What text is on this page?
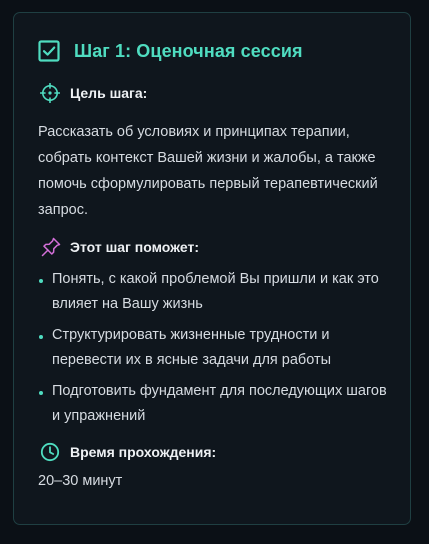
Шаг 1: Оценочная сессия
Цель шага:
Рассказать об условиях и принципах терапии, собрать контекст Вашей жизни и жалобы, а также помочь сформулировать первый терапевтический запрос.
Этот шаг поможет:
Понять, с какой проблемой Вы пришли и как это влияет на Вашу жизнь
Структурировать жизненные трудности и перевести их в ясные задачи для работы
Подготовить фундамент для последующих шагов и упражнений
Время прохождения:
20–30 минут
